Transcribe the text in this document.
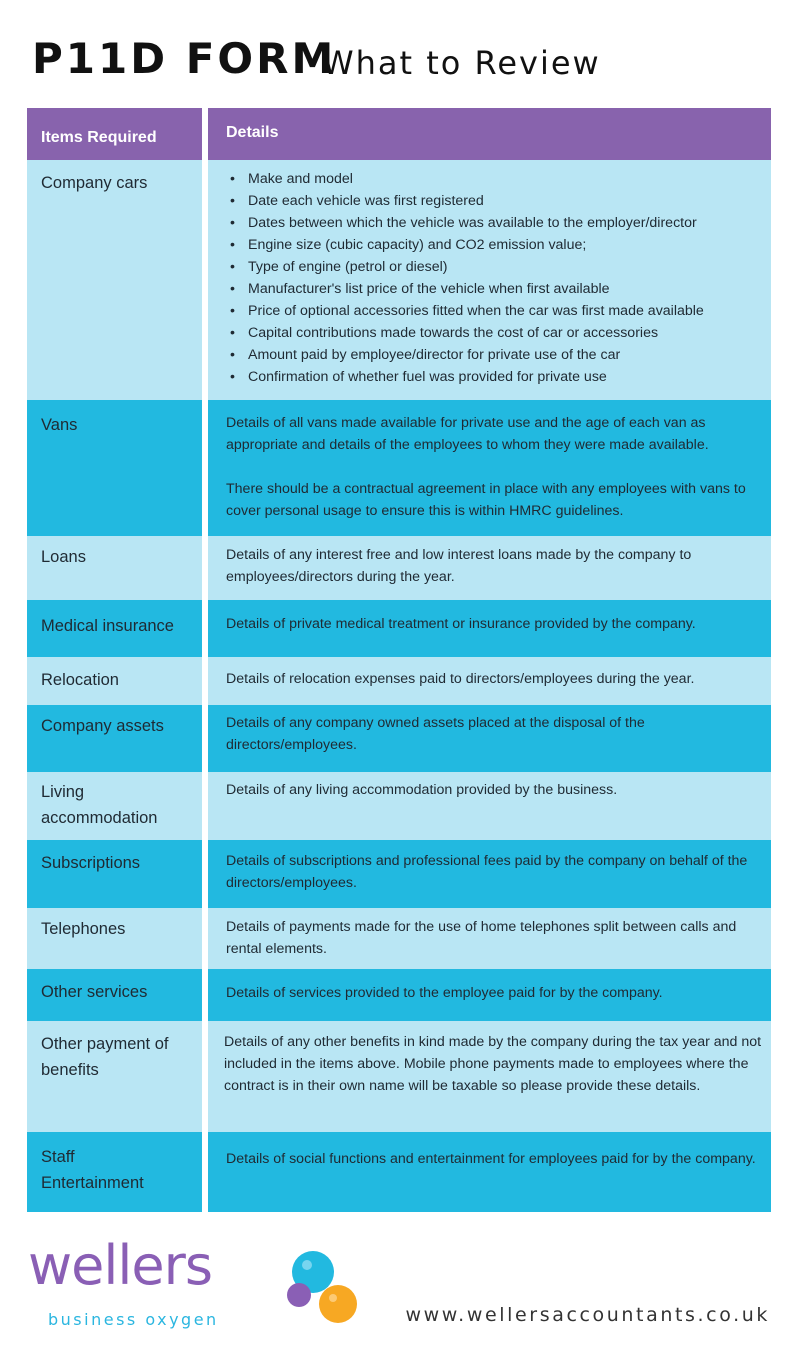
P11D FORM
What to Review
Items Required	Details
Company cars
•	Make and model
• Date each vehicle was first registered
• Dates between which the vehicle was available to the employer/director
• Engine size (cubic capacity) and CO2 emission value;
• Type of engine (petrol or diesel)
• Manufacturer's list price of the vehicle when first available
• Price of optional accessories fitted when the car was first made available
• Capital contributions made towards the cost of car or accessories
• Amount paid by employee/director for private use of the car
• Confirmation of whether fuel was provided for private use
Vans	Details of all vans made available for private use and the age of each van as appropriate and details of the employees to whom they were made available.

There should be a contractual agreement in place with any employees with vans to cover personal usage to ensure this is within HMRC guidelines.

Loans	Details of any interest free and low interest loans made by the company to employees/directors during the year.
Medical insurance	Details of private medical treatment or insurance provided by the company.
Relocation	Details of relocation expenses paid to directors/employees during the year.
Company assets	Details of any company owned assets placed at the disposal of the directors/employees.
Living accommodation
Details of any living accommodation provided by the business.
Subscriptions	Details of subscriptions and professional fees paid by the company on behalf of the directors/employees.
Telephones	Details of payments made for the use of home telephones split between calls and rental elements.
Other services	Details of services provided to the employee paid for by the company.
Other payment of benefits
Details of any other benefits in kind made by the company during the tax year and not included in the items above. Mobile phone payments made to employees where the contract is in their own name will be taxable so please provide these details.
Staff Entertainment
Details of social functions and entertainment for employees paid for by the company.
wellers
business oxygen	www.wellersaccountants.co.uk
